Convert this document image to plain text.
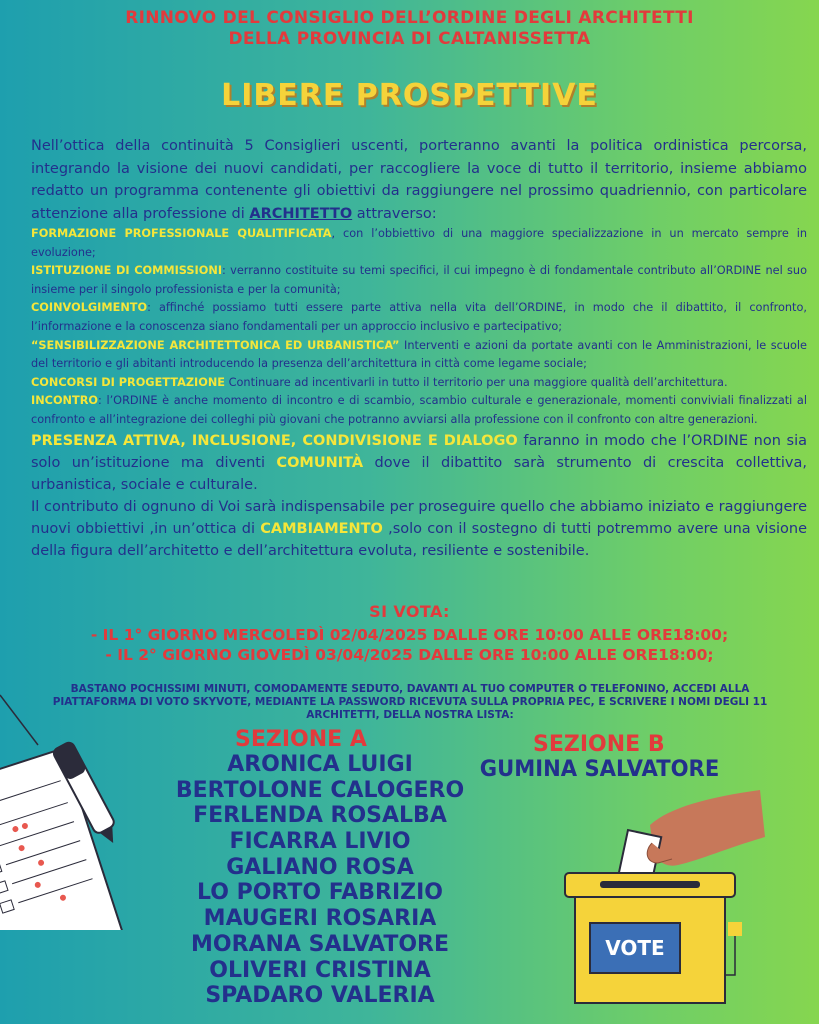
RINNOVO DEL CONSIGLIO DELL’ORDINE DEGLI ARCHITETTI
DELLA PROVINCIA DI CALTANISSETTA
LIBERE PROSPETTIVE

Nell’ottica della continuità 5 Consiglieri uscenti, porteranno avanti la politica ordinistica percorsa, integrando la visione dei nuovi candidati, per raccogliere la voce di tutto il territorio, insieme abbiamo redatto un programma contenente gli obiettivi da raggiungere nel prossimo quadriennio, con particolare attenzione alla professione di ARCHITETTO attraverso:

FORMAZIONE PROFESSIONALE QUALITIFICATA, con l’obbiettivo di una maggiore specializzazione in un mercato sempre in evoluzione;

ISTITUZIONE DI COMMISSIONI: verranno costituite su temi specifici, il cui impegno è di fondamentale contributo all’ORDINE nel suo insieme per il singolo professionista e per la comunità;

COINVOLGIMENTO: affinché possiamo tutti essere parte attiva nella vita dell’ORDINE, in modo che il dibattito, il confronto, l’informazione e la conoscenza siano fondamentali per un approccio inclusivo e partecipativo;

“SENSIBILIZZAZIONE ARCHITETTONICA ED URBANISTICA” Interventi e azioni da portate avanti con le Amministrazioni, le scuole del territorio e gli abitanti introducendo la presenza dell’architettura in città come legame sociale;

CONCORSI DI PROGETTAZIONE Continuare ad incentivarli in tutto il territorio per una maggiore qualità dell’architettura.

INCONTRO: l’ORDINE è anche momento di incontro e di scambio, scambio culturale e generazionale, momenti conviviali finalizzati al confronto e all’integrazione dei colleghi più giovani che potranno avviarsi alla professione con il confronto con altre generazioni.

PRESENZA ATTIVA, INCLUSIONE, CONDIVISIONE E DIALOGO faranno in modo che l’ORDINE non sia solo un’istituzione ma diventi COMUNITÀ dove il dibattito sarà strumento di crescita collettiva, urbanistica, sociale e culturale.

Il contributo di ognuno di Voi sarà indispensabile per proseguire quello che abbiamo iniziato e raggiungere nuovi obbiettivi ,in un’ottica di CAMBIAMENTO ,solo con il sostegno di tutti potremmo avere una visione della figura dell’architetto e dell’architettura evoluta, resiliente e sostenibile.

SI VOTA:
- IL 1° GIORNO MERCOLEDÌ 02/04/2025 DALLE ORE 10:00 ALLE ORE18:00;
- IL 2° GIORNO GIOVEDÌ 03/04/2025 DALLE ORE 10:00 ALLE ORE18:00;
BASTANO POCHISSIMI MINUTI, COMODAMENTE SEDUTO, DAVANTI AL TUO COMPUTER O TELEFONINO, ACCEDI ALLA PIATTAFORMA DI VOTO SKYVOTE, MEDIANTE LA PASSWORD RICEVUTA SULLA PROPRIA PEC, E SCRIVERE I NOMI DEGLI 11 ARCHITETTI, DELLA NOSTRA LISTA:
SEZIONE A
ARONICA LUIGI
BERTOLONE CALOGERO
FERLENDA ROSALBA
FICARRA LIVIO
GALIANO ROSA
LO PORTO FABRIZIO
MAUGERI ROSARIA
MORANA SALVATORE
OLIVERI CRISTINA
SPADARO VALERIA
SEZIONE B
GUMINA SALVATORE
VOTE
